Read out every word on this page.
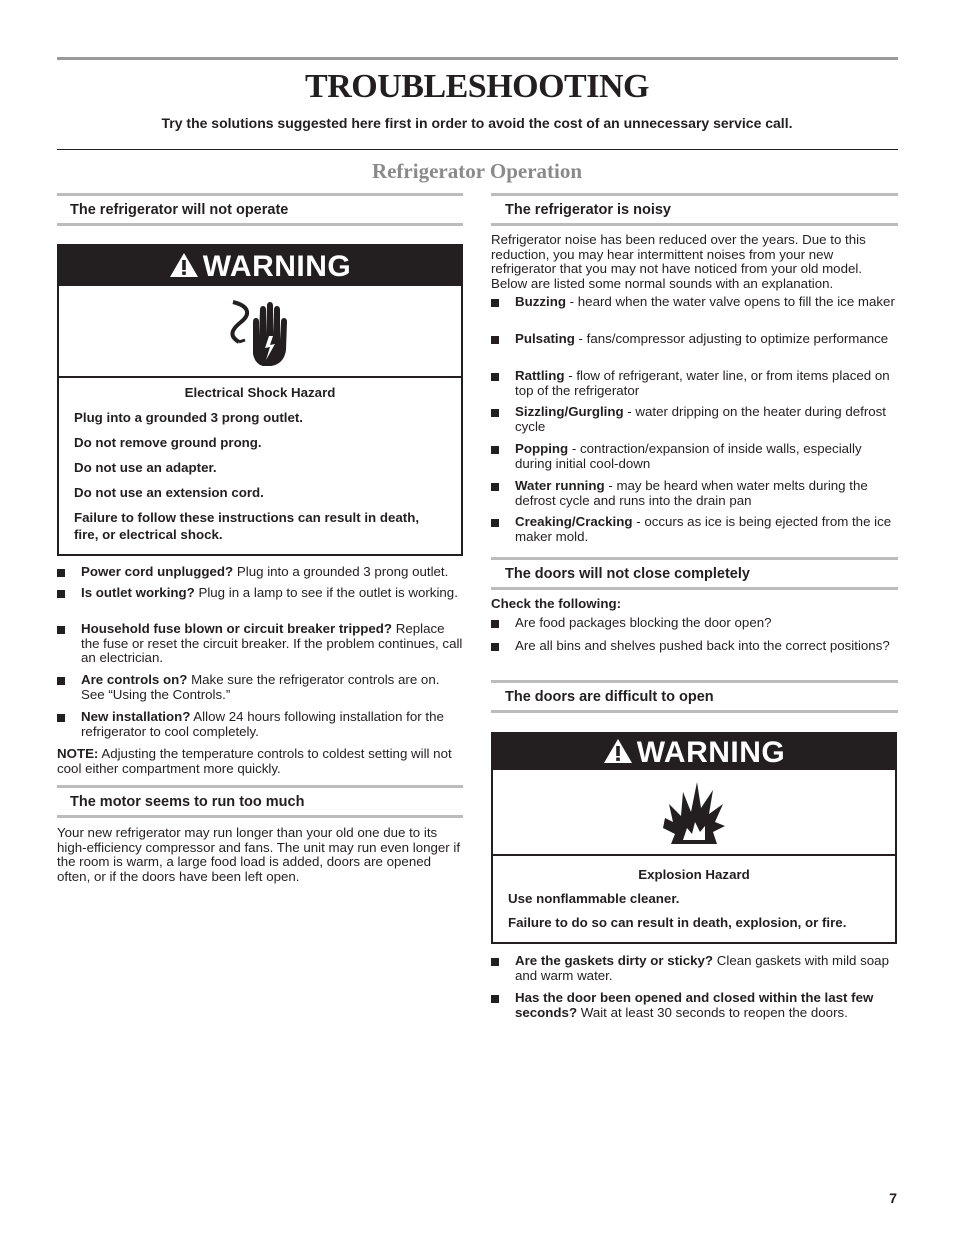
TROUBLESHOOTING
Try the solutions suggested here first in order to avoid the cost of an unnecessary service call.
Refrigerator Operation
The refrigerator will not operate
WARNING
Electrical Shock Hazard
Plug into a grounded 3 prong outlet.
Do not remove ground prong.
Do not use an adapter.
Do not use an extension cord.
Failure to follow these instructions can result in death, fire, or electrical shock.
Power cord unplugged? Plug into a grounded 3 prong outlet.
Is outlet working? Plug in a lamp to see if the outlet is working.
Household fuse blown or circuit breaker tripped? Replace the fuse or reset the circuit breaker. If the problem continues, call an electrician.
Are controls on? Make sure the refrigerator controls are on. See “Using the Controls.”
New installation? Allow 24 hours following installation for the refrigerator to cool completely.
NOTE: Adjusting the temperature controls to coldest setting will not cool either compartment more quickly.
The motor seems to run too much
Your new refrigerator may run longer than your old one due to its high-efficiency compressor and fans. The unit may run even longer if the room is warm, a large food load is added, doors are opened often, or if the doors have been left open.
The refrigerator is noisy
Refrigerator noise has been reduced over the years. Due to this reduction, you may hear intermittent noises from your new refrigerator that you may not have noticed from your old model. Below are listed some normal sounds with an explanation.
Buzzing - heard when the water valve opens to fill the ice maker
Pulsating - fans/compressor adjusting to optimize performance
Rattling - flow of refrigerant, water line, or from items placed on top of the refrigerator
Sizzling/Gurgling - water dripping on the heater during defrost cycle
Popping - contraction/expansion of inside walls, especially during initial cool-down
Water running - may be heard when water melts during the defrost cycle and runs into the drain pan
Creaking/Cracking - occurs as ice is being ejected from the ice maker mold.
The doors will not close completely
Check the following:
Are food packages blocking the door open?
Are all bins and shelves pushed back into the correct positions?
The doors are difficult to open
WARNING
Explosion Hazard
Use nonflammable cleaner.
Failure to do so can result in death, explosion, or fire.
Are the gaskets dirty or sticky? Clean gaskets with mild soap and warm water.
Has the door been opened and closed within the last few seconds? Wait at least 30 seconds to reopen the doors.
7
